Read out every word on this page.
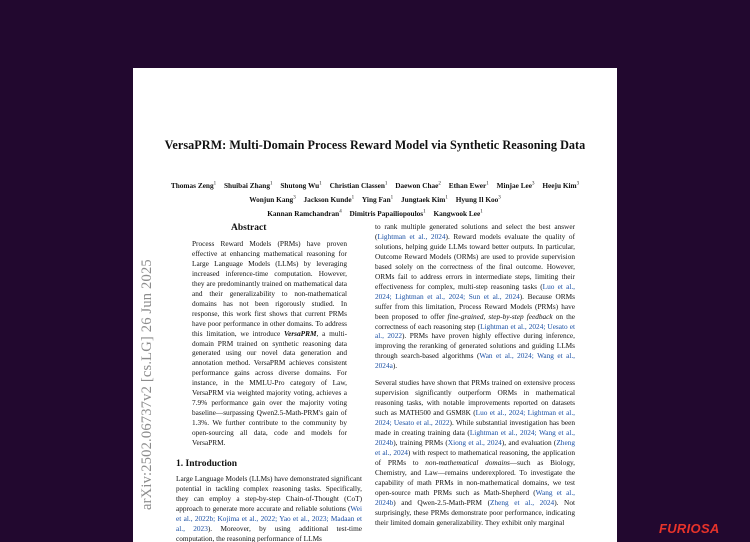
VersaPRM: Multi-Domain Process Reward Model via Synthetic Reasoning Data
Thomas Zeng$^1$ Shuibai Zhang$^1$ Shutong Wu$^1$ Christian Classen$^1$ Daewon Chae$^2$ Ethan Ewer$^1$ Minjae Lee$^3$ Heeju Kim$^3$ Wonjun Kang$^3$ Jackson Kunde$^1$ Ying Fan$^1$ Jungtaek Kim$^1$ Hyung Il Koo$^3$
Kannan Ramchandran$^4$ Dimitris Papailiopoulos$^1$ Kangwook Lee$^1$
arXiv:2502.06737v2 [cs.LG] 26 Jun 2025
Abstract
Process Reward Models (PRMs) have proven effective at enhancing mathematical reasoning for Large Language Models (LLMs) by leveraging increased inference-time computation. However, they are predominantly trained on mathematical data and their generalizability to non-mathematical domains has not been rigorously studied. In response, this work first shows that current PRMs have poor performance in other domains. To address this limitation, we introduce VersaPRM, a multi-domain PRM trained on synthetic reasoning data generated using our novel data generation and annotation method. VersaPRM achieves consistent performance gains across diverse domains. For instance, in the MMLU-Pro category of Law, VersaPRM via weighted majority voting, achieves a 7.9% performance gain over the majority voting baseline—surpassing Qwen2.5-Math-PRM's gain of 1.3%. We further contribute to the community by open-sourcing all data, code and models for VersaPRM.
1. Introduction
Large Language Models (LLMs) have demonstrated significant potential in tackling complex reasoning tasks. Specifically, they can employ a step-by-step Chain-of-Thought (CoT) approach to generate more accurate and reliable solutions (Wei et al., 2022b; Kojima et al., 2022; Yao et al., 2023; Madaan et al., 2023). Moreover, by using additional test-time computation, the reasoning performance of LLMs

to rank multiple generated solutions and select the best answer (Lightman et al., 2024). Reward models evaluate the quality of solutions, helping guide LLMs toward better outputs. In particular, Outcome Reward Models (ORMs) are used to provide supervision based solely on the correctness of the final outcome. However, ORMs fail to address errors in intermediate steps, limiting their effectiveness for complex, multi-step reasoning tasks (Luo et al., 2024; Lightman et al., 2024; Sun et al., 2024). Because ORMs suffer from this limitation, Process Reward Models (PRMs) have been proposed to offer fine-grained, step-by-step feedback on the correctness of each reasoning step (Lightman et al., 2024; Uesato et al., 2022). PRMs have proven highly effective during inference, improving the reranking of generated solutions and guiding LLMs through search-based algorithms (Wan et al., 2024; Wang et al., 2024a).

Several studies have shown that PRMs trained on extensive process supervision significantly outperform ORMs in mathematical reasoning tasks, with notable improvements reported on datasets such as MATH500 and GSM8K (Luo et al., 2024; Lightman et al., 2024; Uesato et al., 2022). While substantial investigation has been made in creating training data (Lightman et al., 2024; Wang et al., 2024b), training PRMs (Xiong et al., 2024), and evaluation (Zheng et al., 2024) with respect to mathematical reasoning, the application of PRMs to non-mathematical domains—such as Biology, Chemistry, and Law—remains underexplored. To investigate the capability of math PRMs in non-mathematical domains, we test open-source math PRMs such as Math-Shepherd (Wang et al., 2024b) and Qwen-2.5-Math-PRM (Zheng et al., 2024). Not surprisingly, these PRMs demonstrate poor performance, indicating their limited domain generalizability. They exhibit only marginal	FURIOSA
